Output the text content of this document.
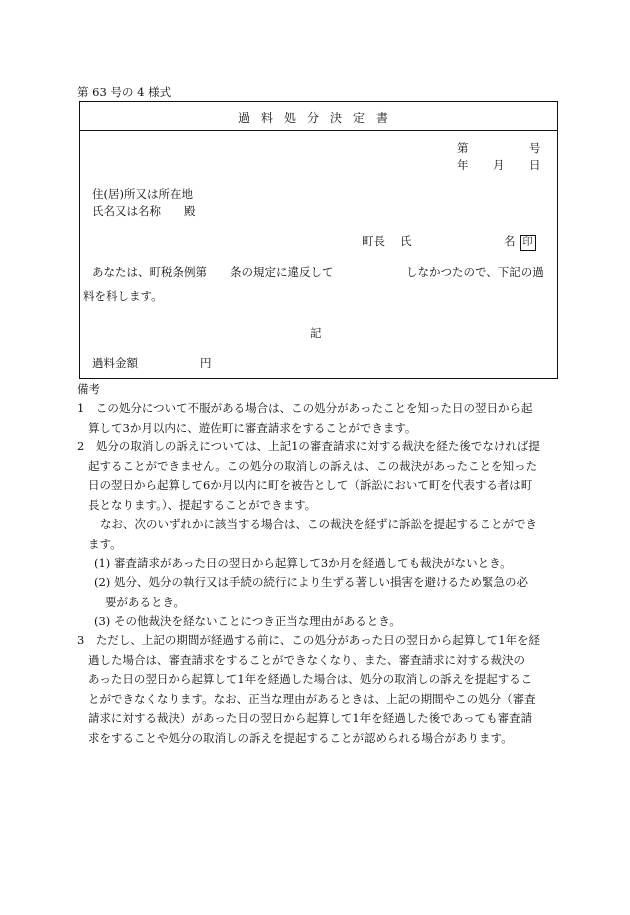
第 63 号の 4 様式
過料処分決定書
第	号
年 月 日
住(居)所又は所在地
氏名又は名称 殿
町長 氏	名 印
あなたは、町税条例第 条の規定に違反して	しなかつたので、下記の過
料を科します。
記
過料金額	円
備考
1　この処分について不服がある場合は、この処分があったことを知った日の翌日から起
算して3か月以内に、遊佐町に審査請求をすることができます。
2　処分の取消しの訴えについては、上記1の審査請求に対する裁決を経た後でなければ提
起することができません。この処分の取消しの訴えは、この裁決があったことを知った
日の翌日から起算して6か月以内に町を被告として（訴訟において町を代表する者は町
長となります。）、提起することができます。
なお、次のいずれかに該当する場合は、この裁決を経ずに訴訟を提起することができ
ます。
(1) 審査請求があった日の翌日から起算して3か月を経過しても裁決がないとき。
(2) 処分、処分の執行又は手続の続行により生ずる著しい損害を避けるため緊急の必
要があるとき。
(3) その他裁決を経ないことにつき正当な理由があるとき。
3　ただし、上記の期間が経過する前に、この処分があった日の翌日から起算して1年を経
過した場合は、審査請求をすることができなくなり、また、審査請求に対する裁決の
あった日の翌日から起算して1年を経過した場合は、処分の取消しの訴えを提起するこ
とができなくなります。なお、正当な理由があるときは、上記の期間やこの処分（審査
請求に対する裁決）があった日の翌日から起算して1年を経過した後であっても審査請
求をすることや処分の取消しの訴えを提起することが認められる場合があります。
